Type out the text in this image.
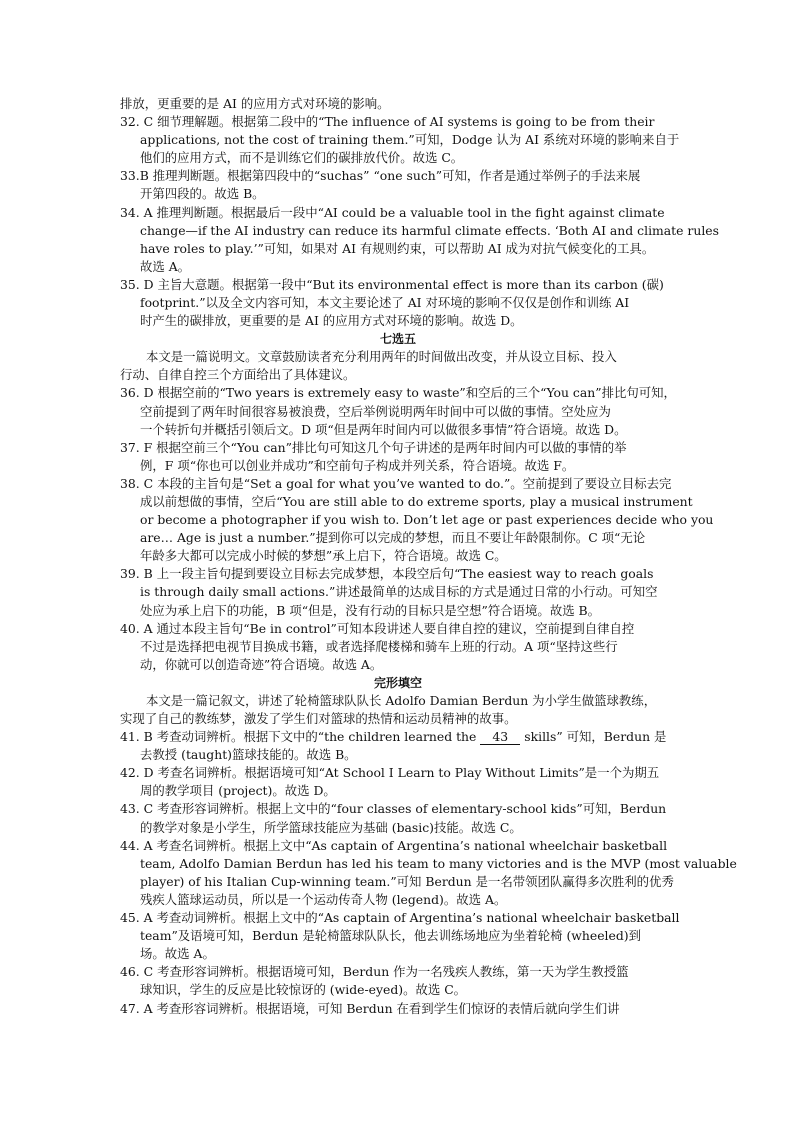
排放，更重要的是 AI 的应用方式对环境的影响。
32. C 细节理解题。根据第二段中的“The influence of AI systems is going to be from their
applications, not the cost of training them.”可知，Dodge 认为 AI 系统对环境的影响来自于
他们的应用方式，而不是训练它们的碳排放代价。故选 C。
33.B 推理判断题。根据第四段中的“suchas” “one such”可知，作者是通过举例子的手法来展
开第四段的。故选 B。
34. A 推理判断题。根据最后一段中“AI could be a valuable tool in the fight against climate
change—if the AI industry can reduce its harmful climate effects. ‘Both AI and climate rules
have roles to play.’”可知，如果对 AI 有规则约束，可以帮助 AI 成为对抗气候变化的工具。
故选 A。
35. D 主旨大意题。根据第一段中“But its environmental effect is more than its carbon (碳)
footprint.”以及全文内容可知，本文主要论述了 AI 对环境的影响不仅仅是创作和训练 AI
时产生的碳排放，更重要的是 AI 的应用方式对环境的影响。故选 D。
七选五
本文是一篇说明文。文章鼓励读者充分利用两年的时间做出改变，并从设立目标、投入
行动、自律自控三个方面给出了具体建议。
36. D 根据空前的“Two years is extremely easy to waste”和空后的三个“You can”排比句可知，
空前提到了两年时间很容易被浪费，空后举例说明两年时间中可以做的事情。空处应为
一个转折句并概括引领后文。D 项“但是两年时间内可以做很多事情”符合语境。故选 D。
37. F 根据空前三个“You can”排比句可知这几个句子讲述的是两年时间内可以做的事情的举
例，F 项“你也可以创业并成功”和空前句子构成并列关系，符合语境。故选 F。
38. C 本段的主旨句是“Set a goal for what you’ve wanted to do.”。空前提到了要设立目标去完
成以前想做的事情，空后“You are still able to do extreme sports, play a musical instrument
or become a photographer if you wish to. Don’t let age or past experiences decide who you
are… Age is just a number.”提到你可以完成的梦想，而且不要让年龄限制你。C 项“无论
年龄多大都可以完成小时候的梦想”承上启下，符合语境。故选 C。
39. B 上一段主旨句提到要设立目标去完成梦想，本段空后句“The easiest way to reach goals
is through daily small actions.”讲述最简单的达成目标的方式是通过日常的小行动。可知空
处应为承上启下的功能，B 项“但是，没有行动的目标只是空想”符合语境。故选 B。
40. A 通过本段主旨句“Be in control”可知本段讲述人要自律自控的建议，空前提到自律自控
不过是选择把电视节目换成书籍，或者选择爬楼梯和骑车上班的行动。A 项“坚持这些行
动，你就可以创造奇迹”符合语境。故选 A。
完形填空
本文是一篇记叙文，讲述了轮椅篮球队队长 Adolfo Damian Berdun 为小学生做篮球教练，
实现了自己的教练梦，激发了学生们对篮球的热情和运动员精神的故事。
41. B 考查动词辨析。根据下文中的“the children learned the 43 skills” 可知，Berdun 是
去教授 (taught)篮球技能的。故选 B。
42. D 考查名词辨析。根据语境可知“At School I Learn to Play Without Limits”是一个为期五
周的教学项目 (project)。故选 D。
43. C 考查形容词辨析。根据上文中的“four classes of elementary-school kids”可知，Berdun
的教学对象是小学生，所学篮球技能应为基础 (basic)技能。故选 C。
44. A 考查名词辨析。根据上文中“As captain of Argentina’s national wheelchair basketball
team, Adolfo Damian Berdun has led his team to many victories and is the MVP (most valuable
player) of his Italian Cup-winning team.”可知 Berdun 是一名带领团队赢得多次胜利的优秀
残疾人篮球运动员，所以是一个运动传奇人物 (legend)。故选 A。
45. A 考查动词辨析。根据上文中的“As captain of Argentina’s national wheelchair basketball
team”及语境可知，Berdun 是轮椅篮球队队长，他去训练场地应为坐着轮椅 (wheeled)到
场。故选 A。
46. C 考查形容词辨析。根据语境可知，Berdun 作为一名残疾人教练，第一天为学生教授篮
球知识，学生的反应是比较惊讶的 (wide-eyed)。故选 C。
47. A 考查形容词辨析。根据语境，可知 Berdun 在看到学生们惊讶的表情后就向学生们讲
